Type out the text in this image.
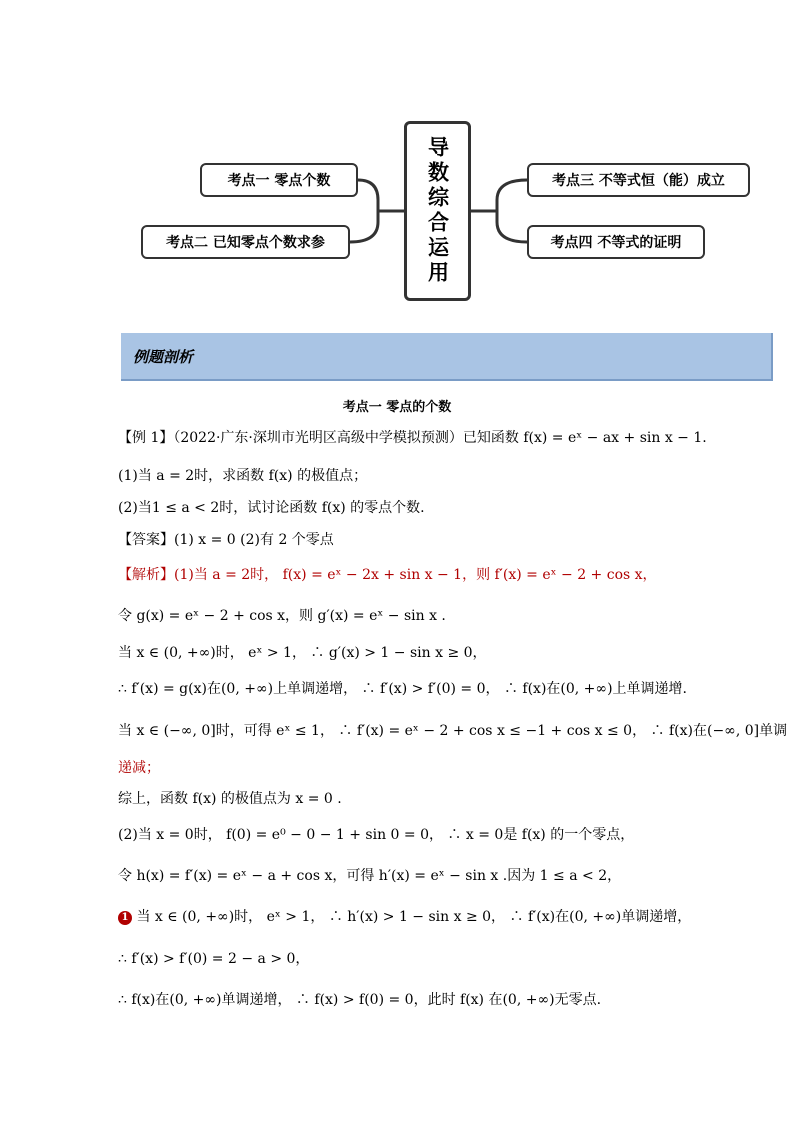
考点一 零点个数
考点二 已知零点个数求参	导数综合运用	考点三 不等式恒（能）成立
考点四 不等式的证明
例题剖析
考点一 零点的个数
【例 1】（2022·广东·深圳市光明区高级中学模拟预测）已知函数 f(x) = eˣ − ax + sin x − 1.
(1)当 a = 2时，求函数 f(x) 的极值点；
(2)当1 ≤ a < 2时，试讨论函数 f(x) 的零点个数.
【答案】(1) x = 0 (2)有 2 个零点
【解析】(1)当 a = 2时， f(x) = eˣ − 2x + sin x − 1，则 f′(x) = eˣ − 2 + cos x，
令 g(x) = eˣ − 2 + cos x，则 g′(x) = eˣ − sin x .
当 x ∈ (0, +∞)时， eˣ > 1， ∴ g′(x) > 1 − sin x ≥ 0，
∴ f′(x) = g(x)在(0, +∞)上单调递增， ∴ f′(x) > f′(0) = 0， ∴ f(x)在(0, +∞)上单调递增.
当 x ∈ (−∞, 0]时，可得 eˣ ≤ 1， ∴ f′(x) = eˣ − 2 + cos x ≤ −1 + cos x ≤ 0， ∴ f(x)在(−∞, 0]单调
递减；
综上，函数 f(x) 的极值点为 x = 0 .
(2)当 x = 0时， f(0) = e⁰ − 0 − 1 + sin 0 = 0， ∴ x = 0是 f(x) 的一个零点，
令 h(x) = f′(x) = eˣ − a + cos x，可得 h′(x) = eˣ − sin x .因为 1 ≤ a < 2，
1 当 x ∈ (0, +∞)时， eˣ > 1， ∴ h′(x) > 1 − sin x ≥ 0， ∴ f′(x)在(0, +∞)单调递增，
∴ f′(x) > f′(0) = 2 − a > 0，
∴ f(x)在(0, +∞)单调递增， ∴ f(x) > f(0) = 0，此时 f(x) 在(0, +∞)无零点.
